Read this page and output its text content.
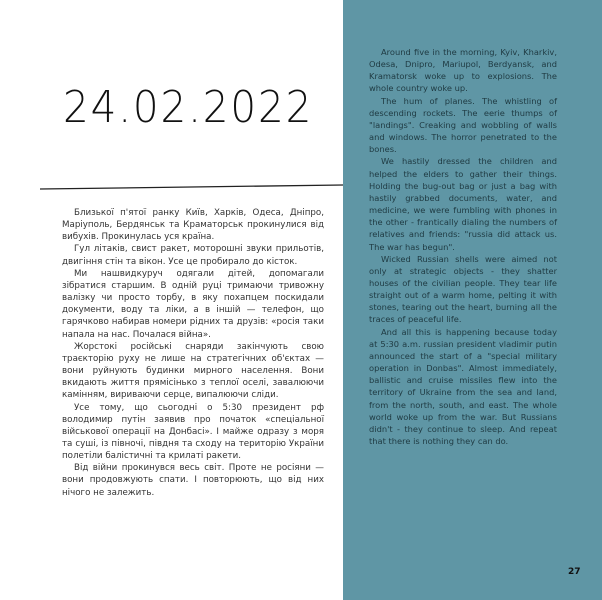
24.02.2022

Близької п'ятої ранку Київ, Харків, Одеса, Дніпро, Маріуполь, Бердянськ та Краматорськ прокинулися від вибухів. Прокинулась уся країна.

Гул літаків, свист ракет, моторошні звуки прильотів, двигіння стін та вікон. Усе це пробирало до кісток.

Ми нашвидкуруч одягали дітей, допомагали зібратися старшим. В одній руці тримаючи тривожну валізку чи просто торбу, в яку похапцем поскидали документи, воду та ліки, а в іншій — телефон, що гарячково набирав номери рідних та друзів: «росія таки напала на нас. Почалася війна».

Жорстокі російські снаряди закінчують свою траєкторію руху не лише на стратегічних об'єктах — вони руйнують будинки мирного населення. Вони вкидають життя прямісінько з теплої оселі, завалюючи камінням, вириваючи серце, випалюючи сліди.

Усе тому, що сьогодні о 5:30 президент рф володимир путін заявив про початок «спеціальної військової операції на Донбасі». І майже одразу з моря та суші, із півночі, півдня та сходу на територію України полетіли балістичні та крилаті ракети.

Від війни прокинувся весь світ. Проте не росіяни — вони продовжують спати. І повторюють, що від них нічого не залежить.

Around five in the morning, Kyiv, Kharkiv, Odesa, Dnipro, Mariupol, Berdyansk, and Kramatorsk woke up to explosions. The whole country woke up.

The hum of planes. The whistling of descending rockets. The eerie thumps of "landings". Creaking and wobbling of walls and windows. The horror penetrated to the bones.

We hastily dressed the children and helped the elders to gather their things. Holding the bug-out bag or just a bag with hastily grabbed documents, water, and medicine, we were fumbling with phones in the other - frantically dialing the numbers of relatives and friends: "russia did attack us. The war has begun".

Wicked Russian shells were aimed not only at strategic objects - they shatter houses of the civilian people. They tear life straight out of a warm home, pelting it with stones, tearing out the heart, burning all the traces of peaceful life.

And all this is happening because today at 5:30 a.m. russian president vladimir putin announced the start of a "special military operation in Donbas". Almost immediately, ballistic and cruise missiles flew into the territory of Ukraine from the sea and land, from the north, south, and east. The whole world woke up from the war. But Russians didn't - they continue to sleep. And repeat that there is nothing they can do.

27
